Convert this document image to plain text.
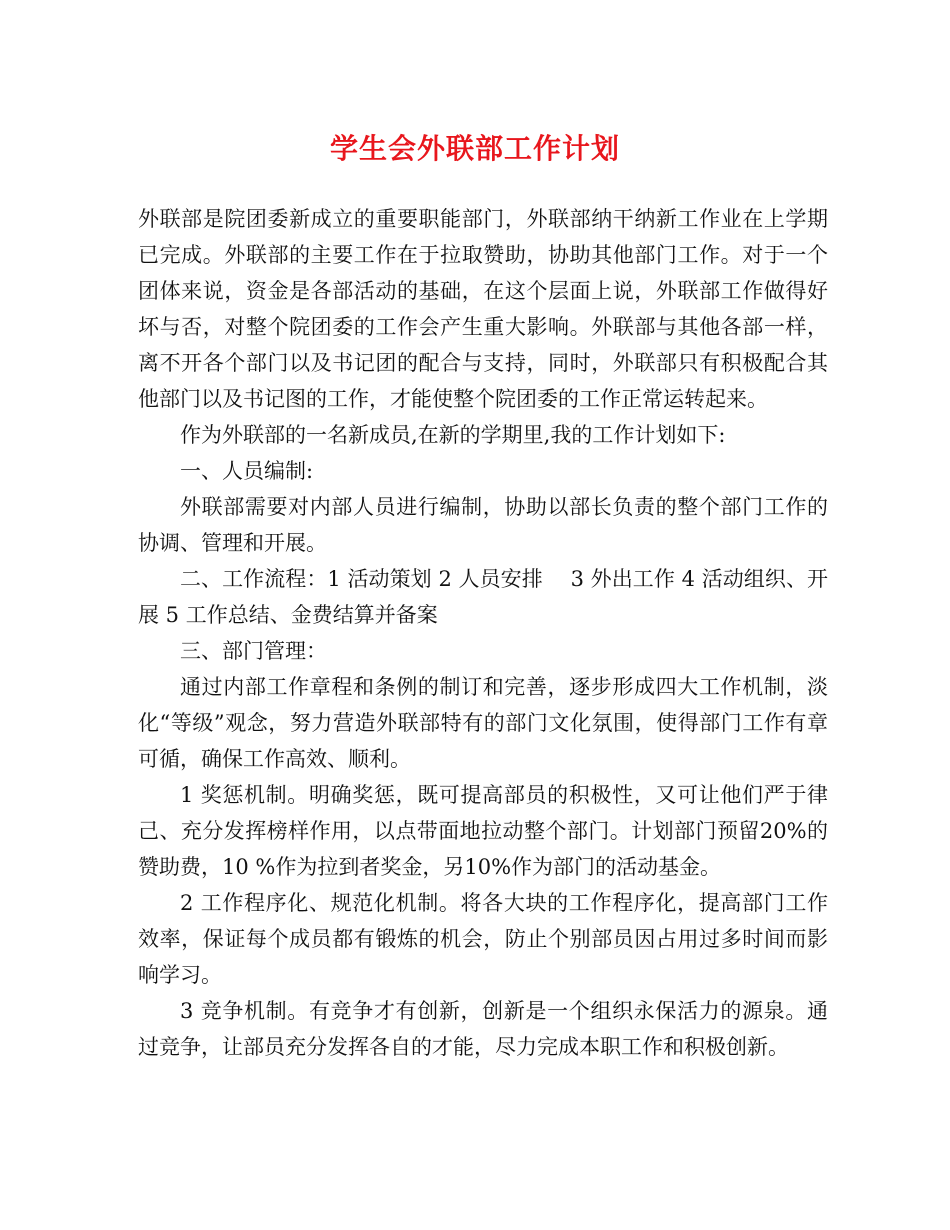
学生会外联部工作计划

外联部是院团委新成立的重要职能部门，外联部纳干纳新工作业在上学期已完成。外联部的主要工作在于拉取赞助，协助其他部门工作。对于一个团体来说，资金是各部活动的基础，在这个层面上说，外联部工作做得好坏与否，对整个院团委的工作会产生重大影响。外联部与其他各部一样，离不开各个部门以及书记团的配合与支持，同时，外联部只有积极配合其他部门以及书记图的工作，才能使整个院团委的工作正常运转起来。

作为外联部的一名新成员,在新的学期里,我的工作计划如下:

一、人员编制:

外联部需要对内部人员进行编制，协助以部长负责的整个部门工作的协调、管理和开展。

二、工作流程：1 活动策划 2 人员安排　 3 外出工作 4 活动组织、开展 5 工作总结、金费结算并备案

三、部门管理：

通过内部工作章程和条例的制订和完善，逐步形成四大工作机制，淡化“等级”观念，努力营造外联部特有的部门文化氛围，使得部门工作有章可循，确保工作高效、顺利。

1 奖惩机制。明确奖惩，既可提高部员的积极性，又可让他们严于律己、充分发挥榜样作用，以点带面地拉动整个部门。计划部门预留20%的赞助费，10 %作为拉到者奖金，另10%作为部门的活动基金。

2 工作程序化、规范化机制。将各大块的工作程序化，提高部门工作效率，保证每个成员都有锻炼的机会，防止个别部员因占用过多时间而影响学习。

3 竞争机制。有竞争才有创新，创新是一个组织永保活力的源泉。通过竞争，让部员充分发挥各自的才能，尽力完成本职工作和积极创新。
